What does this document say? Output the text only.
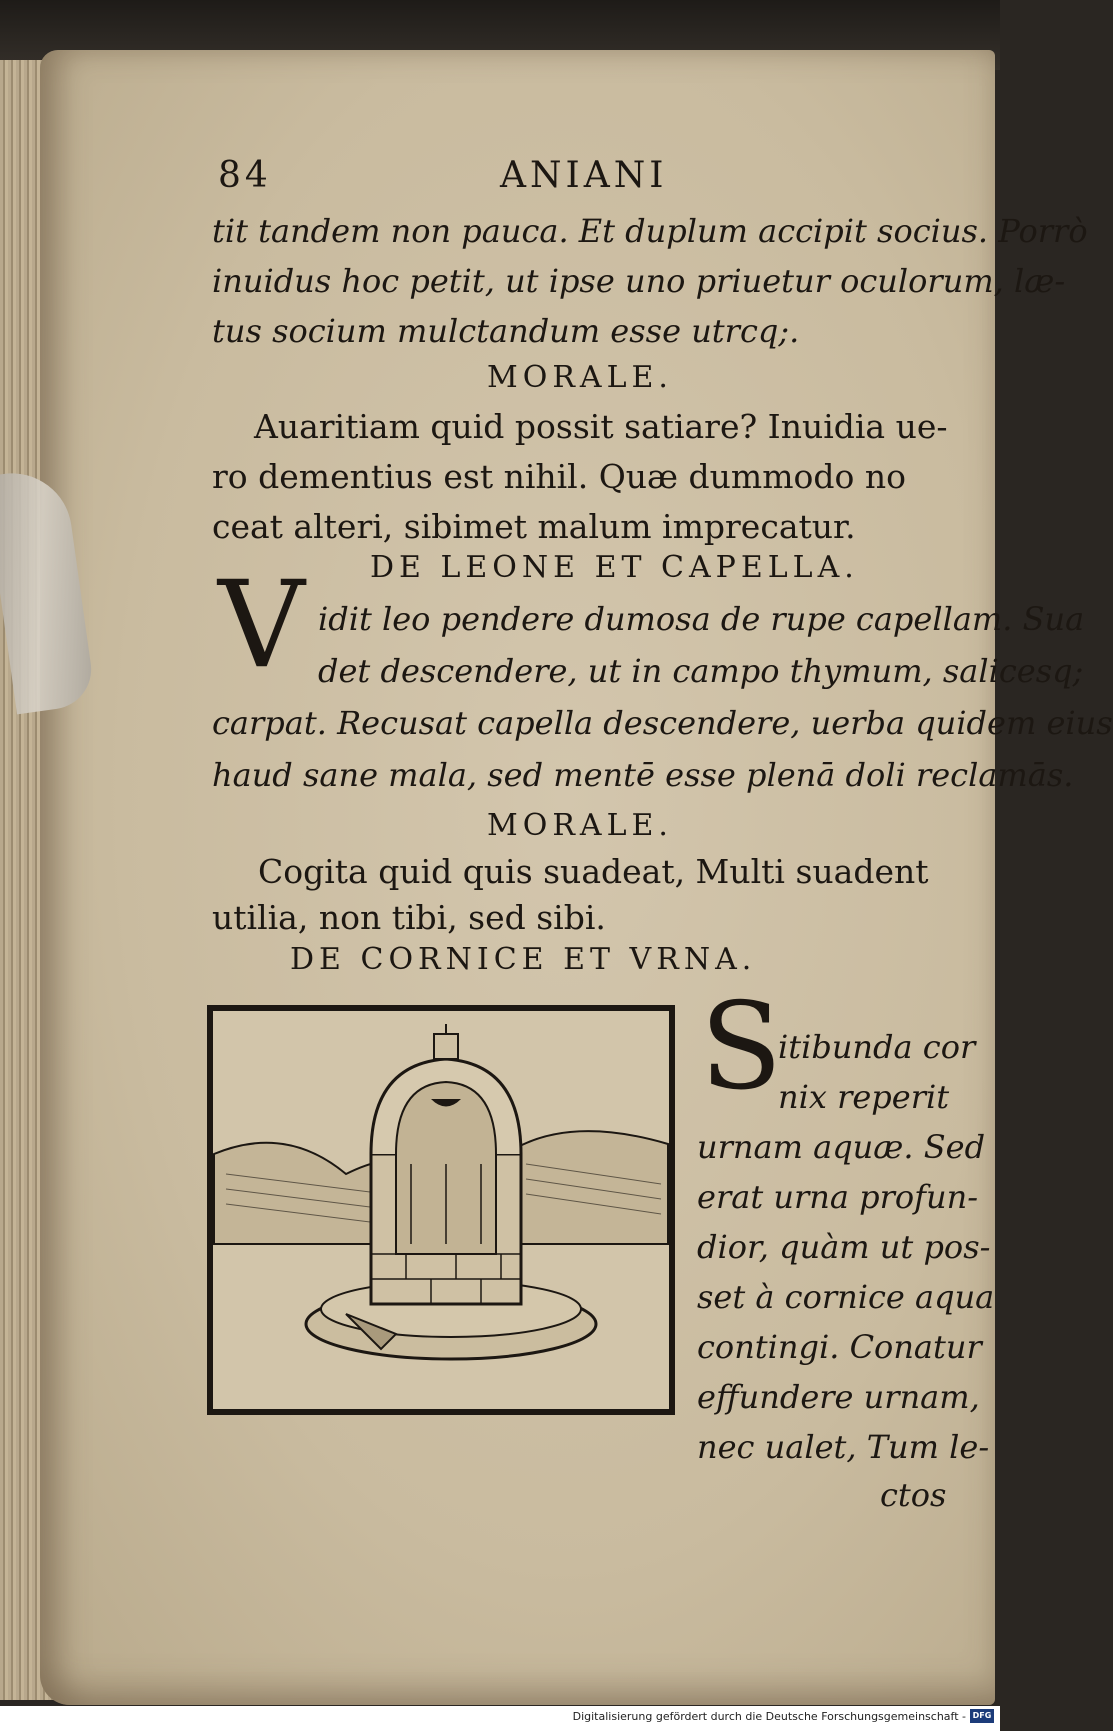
84	ANIANI
tit tandem non pauca. Et duplum accipit socius. Porrò
inuidus hoc petit, ut ipse uno priuetur oculorum, læ-
tus socium mulctandum esse utrcq;.
MORALE.
Auaritiam quid possit satiare? Inuidia ue-
ro dementius est nihil. Quæ dummodo no
ceat alteri, sibimet malum imprecatur.
DE LEONE ET CAPELLA.
V idit leo pendere dumosa de rupe capellam. Sua
det descendere, ut in campo thymum, salicesq;
carpat. Recusat capella descendere, uerba quidem eius
haud sane mala, sed mentē esse plenā doli reclamās.
MORALE.
Cogita quid quis suadeat, Multi suadent
utilia, non tibi, sed sibi.
DE CORNICE ET VRNA.
S
itibunda cor
nix reperit
urnam aquæ. Sed
erat urna profun-
dior, quàm ut pos-
set à cornice aqua
contingi. Conatur
effundere urnam,
nec ualet, Tum le-
ctos
Digitalisierung gefördert durch die Deutsche Forschungsgemeinschaft - DFG
